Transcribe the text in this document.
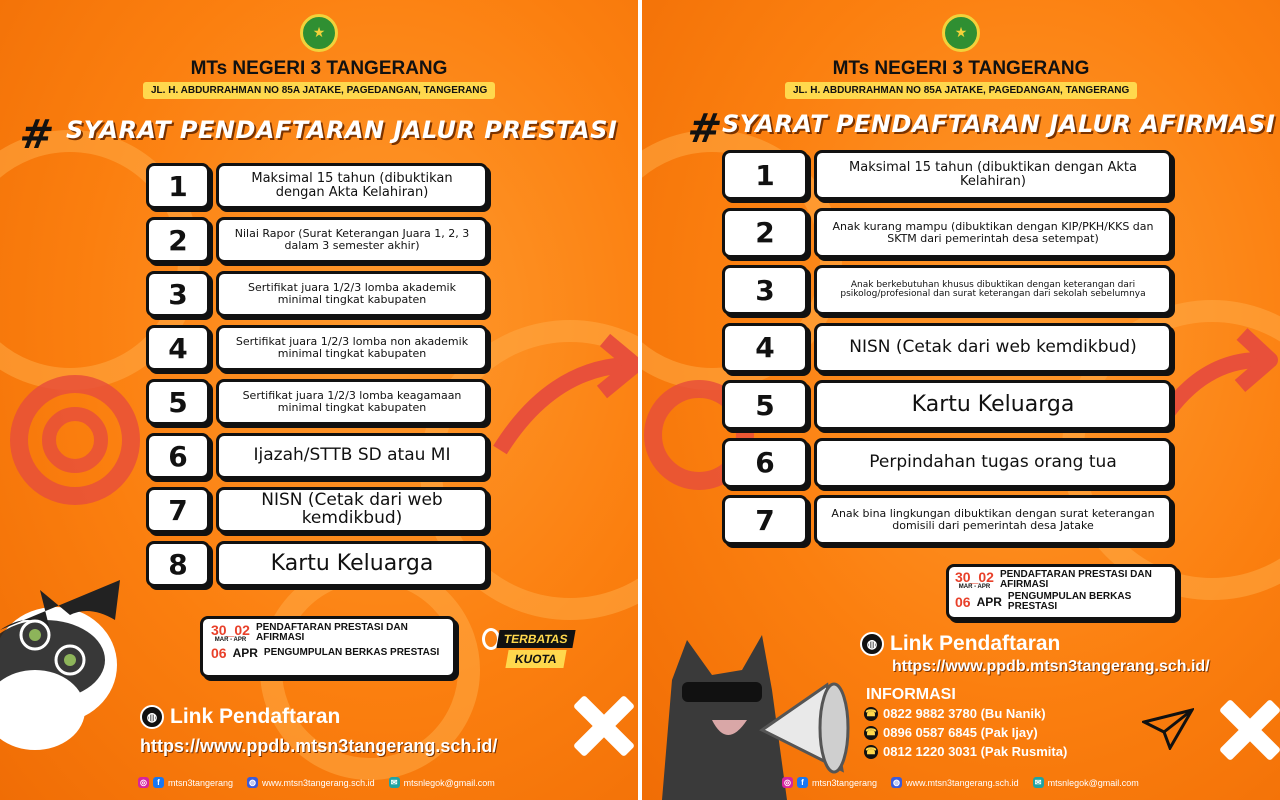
★
MTs NEGERI 3 TANGERANG
JL. H. ABDURRAHMAN NO 85A JATAKE, PAGEDANGAN, TANGERANG
# SYARAT PENDAFTARAN JALUR PRESTASI
1	Maksimal 15 tahun (dibuktikan dengan Akta Kelahiran)
2	Nilai Rapor (Surat Keterangan Juara 1, 2, 3 dalam 3 semester akhir)
3	Sertifikat juara 1/2/3 lomba akademik minimal tingkat kabupaten
4	Sertifikat juara 1/2/3 lomba non akademik minimal tingkat kabupaten
5	Sertifikat juara 1/2/3 lomba keagamaan minimal tingkat kabupaten
6	Ijazah/STTB SD atau MI
7	NISN (Cetak dari web kemdikbud)
8	Kartu Keluarga
30_02
MAR - APR
PENDAFTARAN PRESTASI DAN AFIRMASI
06 APR PENGUMPULAN BERKAS PRESTASI
TERBATAS
KUOTA
◍ Link Pendaftaran
https://www.ppdb.mtsn3tangerang.sch.id/
◎	f mtsn3tangerang ◍ www.mtsn3tangerang.sch.id ✉ mtsnlegok@gmail.com
★
MTs NEGERI 3 TANGERANG
JL. H. ABDURRAHMAN NO 85A JATAKE, PAGEDANGAN, TANGERANG
#
SYARAT PENDAFTARAN JALUR AFIRMASI
1	Maksimal 15 tahun (dibuktikan dengan Akta Kelahiran)
2	Anak kurang mampu (dibuktikan dengan KIP/PKH/KKS dan SKTM dari pemerintah desa setempat)
3	Anak berkebutuhan khusus dibuktikan dengan keterangan dari psikolog/profesional dan surat keterangan dari sekolah sebelumnya
4	NISN (Cetak dari web kemdikbud)
5	Kartu Keluarga
6	Perpindahan tugas orang tua
7	Anak bina lingkungan dibuktikan dengan surat keterangan domisili dari pemerintah desa Jatake
30_02
MAR - APR
PENDAFTARAN PRESTASI DAN AFIRMASI
06 APR PENGUMPULAN BERKAS PRESTASI
◍ Link Pendaftaran
https://www.ppdb.mtsn3tangerang.sch.id/
INFORMASI
☎ 0822 9882 3780 (Bu Nanik)
☎ 0896 0587 6845 (Pak Ijay)
☎ 0812 1220 3031 (Pak Rusmita)
◎	f mtsn3tangerang ◍ www.mtsn3tangerang.sch.id ✉ mtsnlegok@gmail.com
